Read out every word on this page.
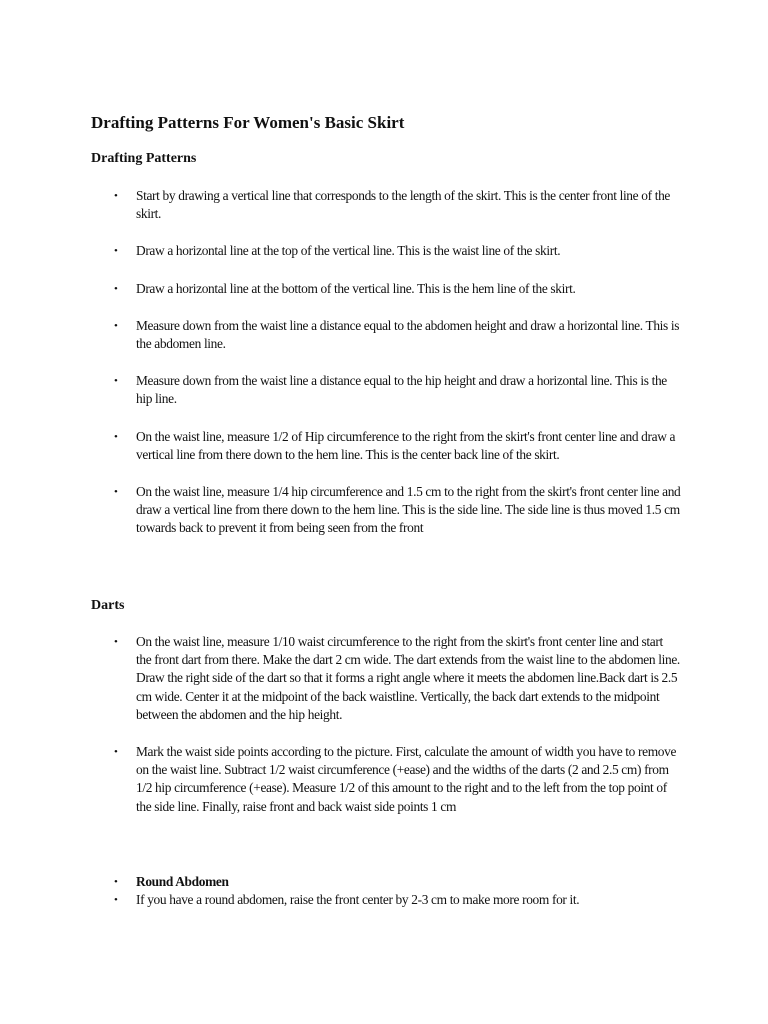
Drafting Patterns For Women's Basic Skirt
Drafting Patterns
• Start by drawing a vertical line that corresponds to the length of the skirt. This is the center front line of the skirt.
• Draw a horizontal line at the top of the vertical line. This is the waist line of the skirt.
• Draw a horizontal line at the bottom of the vertical line. This is the hem line of the skirt.
• Measure down from the waist line a distance equal to the abdomen height and draw a horizontal line. This is the abdomen line.
• Measure down from the waist line a distance equal to the hip height and draw a horizontal line. This is the hip line.
• On the waist line, measure 1/2 of Hip circumference to the right from the skirt's front center line and draw a vertical line from there down to the hem line. This is the center back line of the skirt.
• On the waist line, measure 1/4 hip circumference and 1.5 cm to the right from the skirt's front center line and draw a vertical line from there down to the hem line. This is the side line. The side line is thus moved 1.5 cm towards back to prevent it from being seen from the front
Darts
• On the waist line, measure 1/10 waist circumference to the right from the skirt's front center line and start the front dart from there. Make the dart 2 cm wide. The dart extends from the waist line to the abdomen line. Draw the right side of the dart so that it forms a right angle where it meets the abdomen line.Back dart is 2.5 cm wide. Center it at the midpoint of the back waistline. Vertically, the back dart extends to the midpoint between the abdomen and the hip height.
• Mark the waist side points according to the picture. First, calculate the amount of width you have to remove on the waist line. Subtract 1/2 waist circumference (+ease) and the widths of the darts (2 and 2.5 cm) from 1/2 hip circumference (+ease). Measure 1/2 of this amount to the right and to the left from the top point of the side line. Finally, raise front and back waist side points 1 cm
• Round Abdomen
• If you have a round abdomen, raise the front center by 2-3 cm to make more room for it.
